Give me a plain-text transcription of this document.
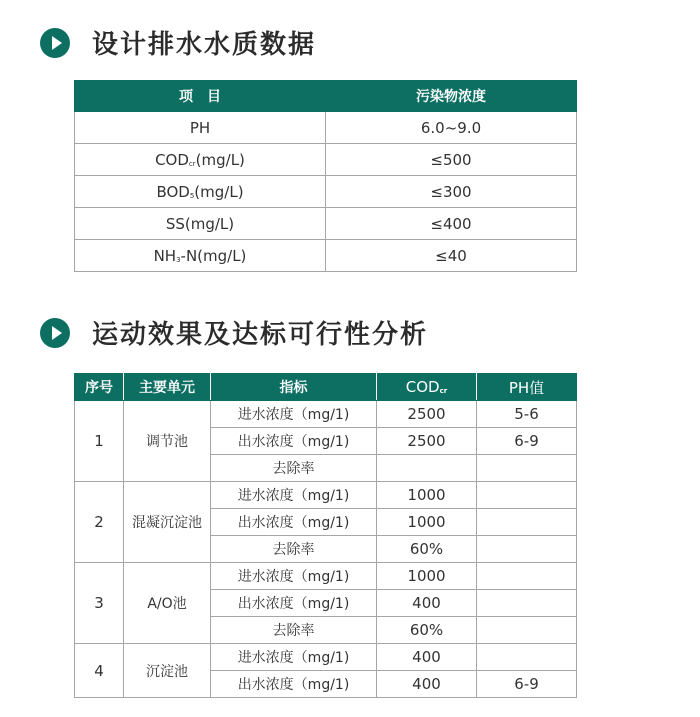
设计排水水质数据
项　目	污染物浓度
PH	6.0~9.0
$COD_{cr}(mg/L)$	≤500
$BOD_5(mg/L)$	≤300
SS(mg/L)	≤400
$NH_3-N(mg/L)$	≤40
运动效果及达标可行性分析
序号	主要单元	指标	$COD_{cr}$	PH值
1	调节池	进水浓度（mg/1)	2500	5-6
		出水浓度（mg/1)	2500	6-9
		去除率		
2	混凝沉淀池	进水浓度（mg/1)	1000	
		出水浓度（mg/1)	1000	
		去除率	60%	
3	A/O池	进水浓度（mg/1)	1000	
		出水浓度（mg/1)	400	
		去除率	60%	
4	沉淀池	进水浓度（mg/1)	400	
		出水浓度（mg/1)	400	6-9
